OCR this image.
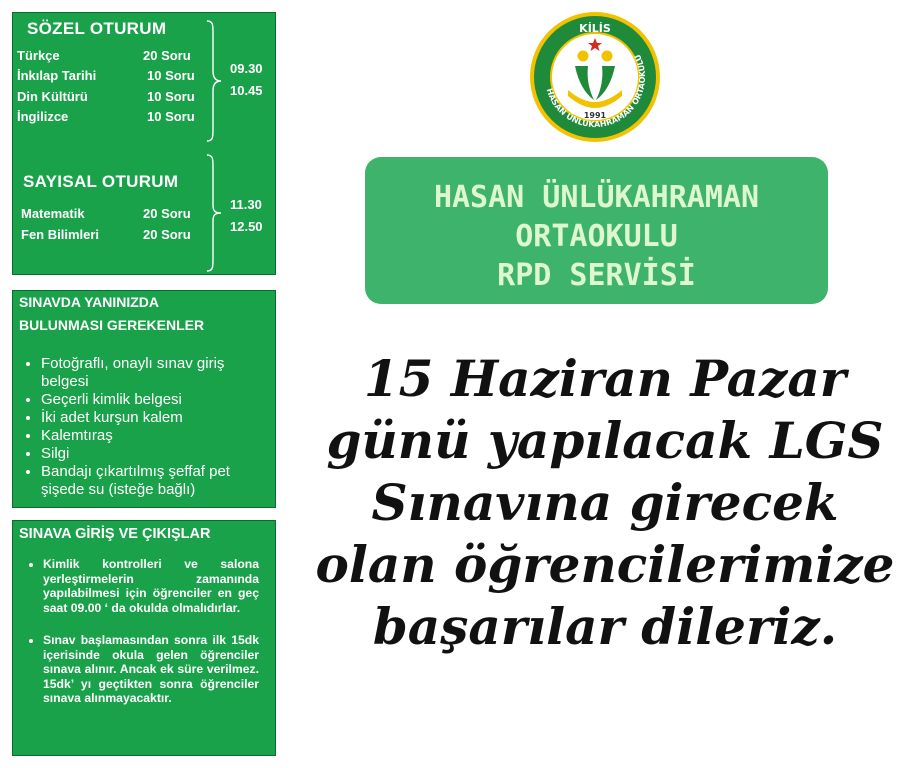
SÖZEL OTURUM
Türkçe	20 Soru
İnkılap Tarihi	10 Soru
Din Kültürü	10 Soru
İngilizce	10 Soru
09.30
10.45
SAYISAL OTURUM
Matematik	20 Soru
Fen Bilimleri	20 Soru
11.30
12.50
SINAVDA YANINIZDA
BULUNMASI GEREKENLER
• Fotoğraflı, onaylı sınav giriş belgesi
• Geçerli kimlik belgesi
• İki adet kurşun kalem
• Kalemtıraş
• Silgi
• Bandajı çıkartılmış şeffaf pet şişede su (isteğe bağlı)
SINAVA GİRİŞ VE ÇIKIŞLAR
• Kimlik kontrolleri ve salona yerleştirmelerin zamanında yapılabilmesi için öğrenciler en geç saat 09.00 ‘ da okulda olmalıdırlar.
• Sınav başlamasından sonra ilk 15dk içerisinde okula gelen öğrenciler sınava alınır. Ancak ek süre verilmez. 15dk’ yı geçtikten sonra öğrenciler sınava alınmayacaktır.
HASAN ÜNLÜKAHRAMAN ORTAOKULU
KİLİS
1991
HASAN ÜNLÜKAHRAMAN
ORTAOKULU
RPD SERVİSİ
15 Haziran Pazar
günü yapılacak LGS
Sınavına girecek
olan öğrencilerimize
başarılar dileriz.
